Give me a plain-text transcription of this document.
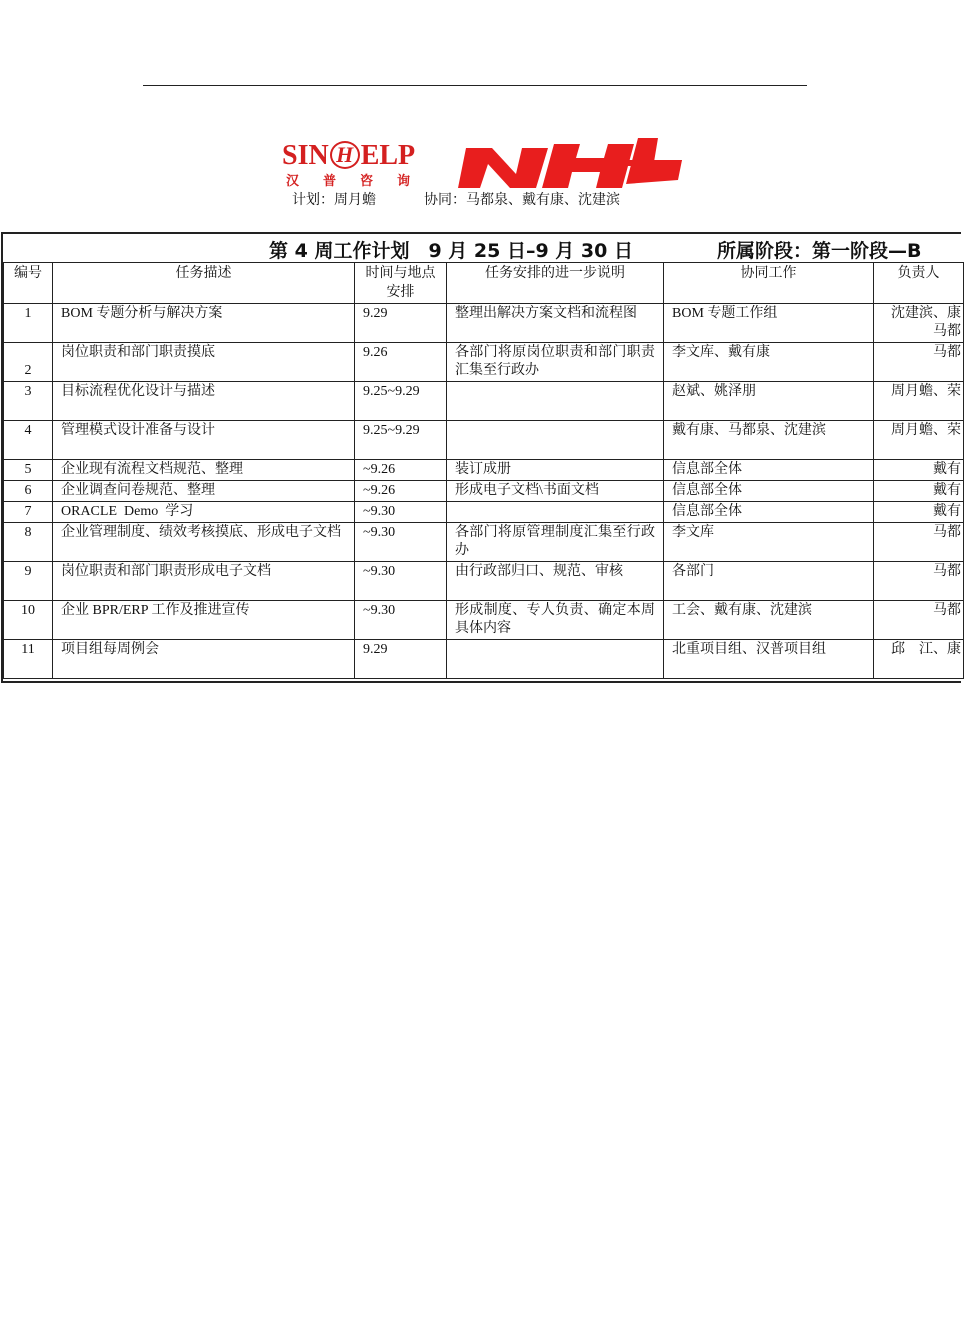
SIN H ELP
汉普咨询
计划：周月蟾	协同：马都泉、戴有康、沈建滨
第 4 周工作计划　9 月 25 日–9 月 30 日	所属阶段：第一阶段—B
编号	任务描述	时间与地点安排	任务安排的进一步说明	协同工作	负责人
1	BOM 专题分析与解决方案	9.29	整理出解决方案文档和流程图	BOM 专题工作组	沈建滨、康马都
2	岗位职责和部门职责摸底	9.26	各部门将原岗位职责和部门职责汇集至行政办	李文库、戴有康	马都
3	目标流程优化设计与描述	9.25~9.29		赵斌、姚泽朋	周月蟾、荣
4	管理模式设计准备与设计	9.25~9.29		戴有康、马都泉、沈建滨	周月蟾、荣
5	企业现有流程文档规范、整理	~9.26	装订成册	信息部全体	戴有
6	企业调查问卷规范、整理	~9.26	形成电子文档\书面文档	信息部全体	戴有
7	ORACLE  Demo  学习	~9.30		信息部全体	戴有
8	企业管理制度、绩效考核摸底、形成电子文档	~9.30	各部门将原管理制度汇集至行政办	李文库	马都
9	岗位职责和部门职责形成电子文档	~9.30	由行政部归口、规范、审核	各部门	马都
10	企业 BPR/ERP 工作及推进宣传	~9.30	形成制度、专人负责、确定本周具体内容	工会、戴有康、沈建滨	马都
11	项目组每周例会	9.29		北重项目组、汉普项目组	邱　江、康
